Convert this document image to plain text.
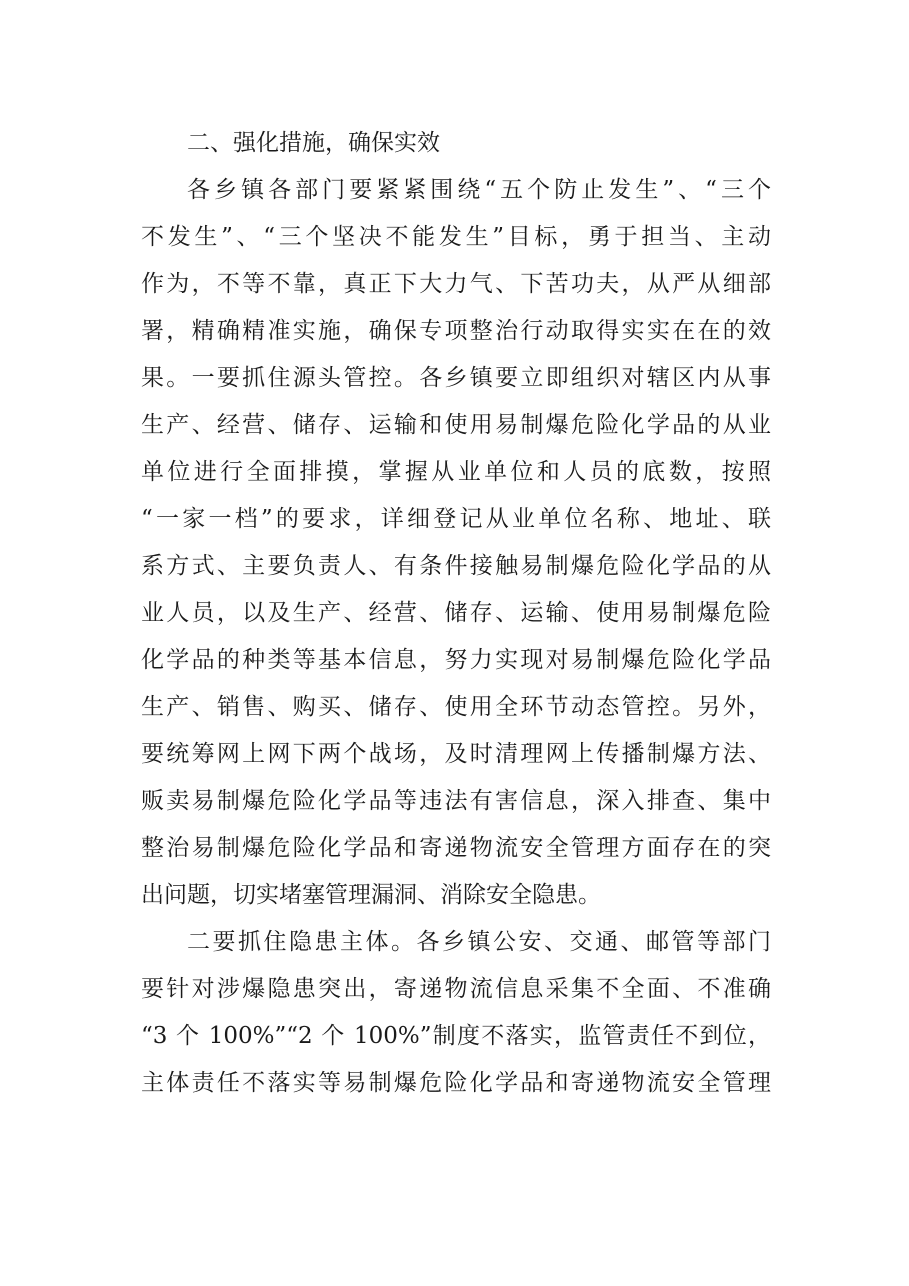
二、强化措施，确保实效
各乡镇各部门要紧紧围绕“五个防止发生”、“三个
不发生”、“三个坚决不能发生”目标，勇于担当、主动
作为，不等不靠，真正下大力气、下苦功夫，从严从细部
署，精确精准实施，确保专项整治行动取得实实在在的效
果。一要抓住源头管控。各乡镇要立即组织对辖区内从事
生产、经营、储存、运输和使用易制爆危险化学品的从业
单位进行全面排摸，掌握从业单位和人员的底数，按照
“一家一档”的要求，详细登记从业单位名称、地址、联
系方式、主要负责人、有条件接触易制爆危险化学品的从
业人员，以及生产、经营、储存、运输、使用易制爆危险
化学品的种类等基本信息，努力实现对易制爆危险化学品
生产、销售、购买、储存、使用全环节动态管控。另外，
要统筹网上网下两个战场，及时清理网上传播制爆方法、
贩卖易制爆危险化学品等违法有害信息，深入排查、集中
整治易制爆危险化学品和寄递物流安全管理方面存在的突
出问题，切实堵塞管理漏洞、消除安全隐患。
二要抓住隐患主体。各乡镇公安、交通、邮管等部门
要针对涉爆隐患突出，寄递物流信息采集不全面、不准确
“3 个 100%”“2 个 100%”制度不落实，监管责任不到位，
主体责任不落实等易制爆危险化学品和寄递物流安全管理
